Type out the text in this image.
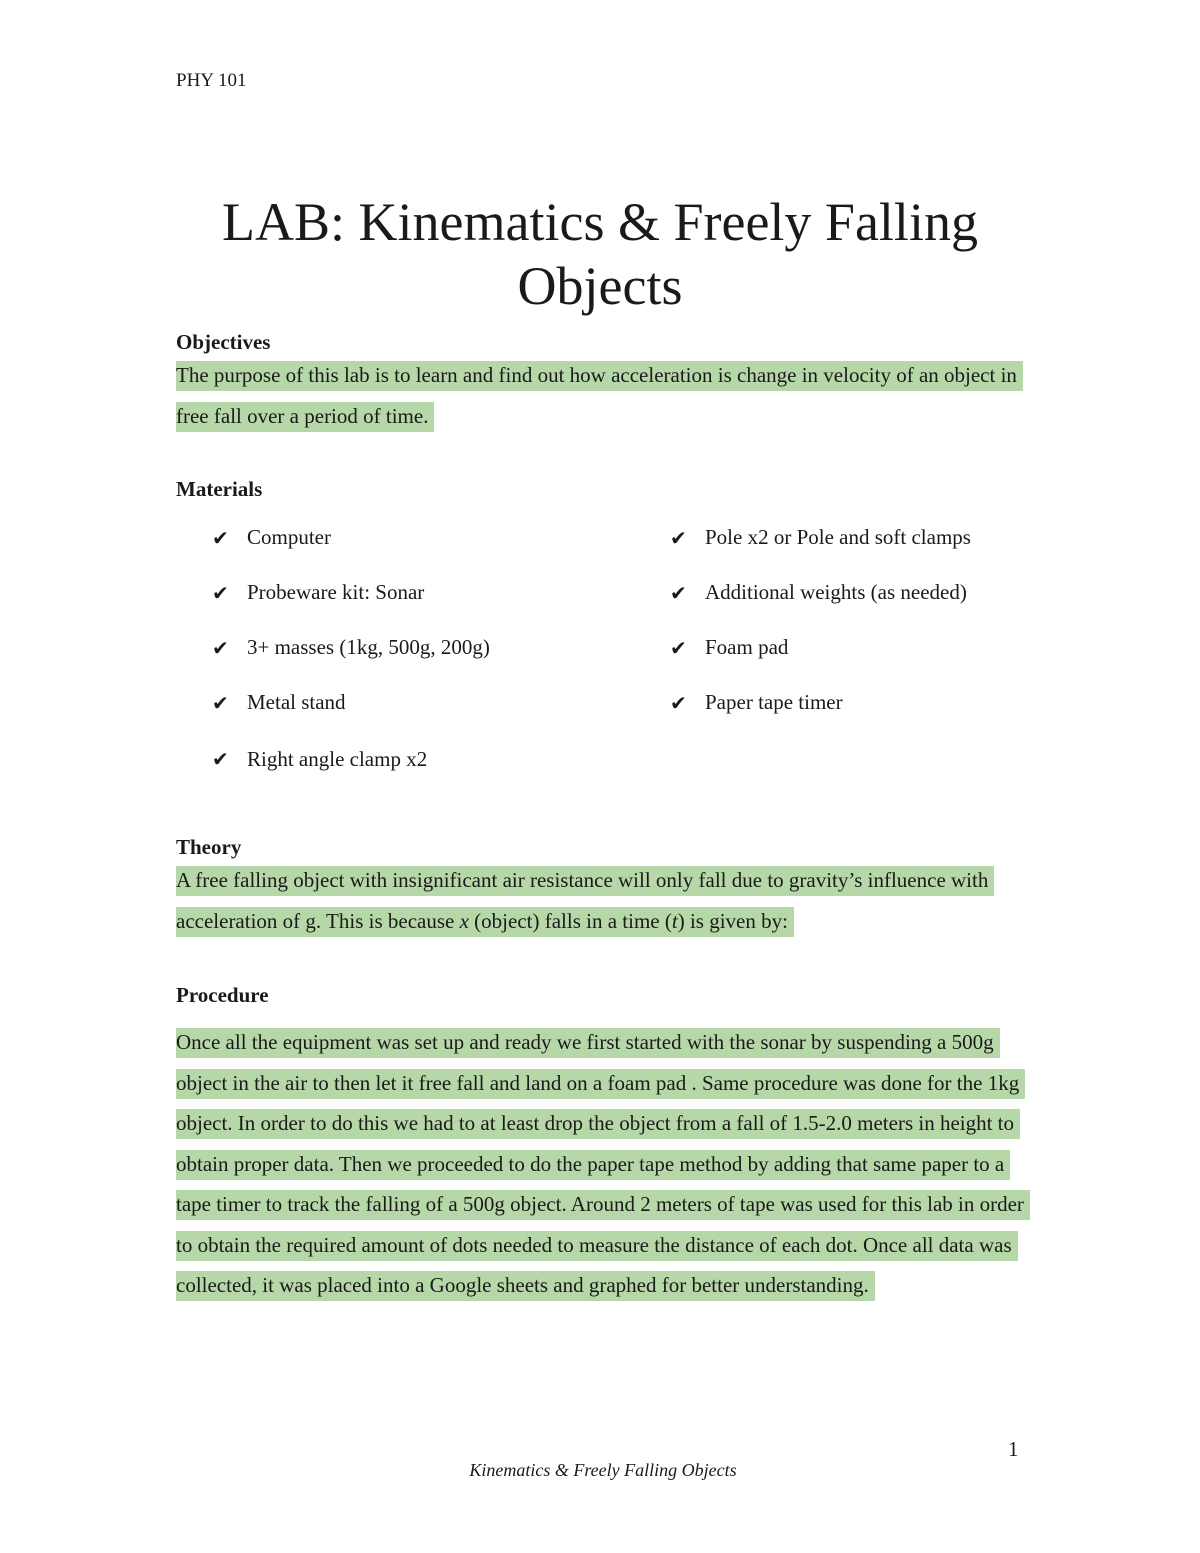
PHY 101
LAB: Kinematics & Freely Falling Objects
Objectives

The purpose of this lab is to learn and find out how acceleration is change in velocity of an object in free fall over a period of time.

Materials
✔ Computer	✔ Pole x2 or Pole and soft clamps
✔ Probeware kit: Sonar	✔ Additional weights (as needed)
✔ 3+ masses (1kg, 500g, 200g)	✔ Foam pad
✔ Metal stand	✔ Paper tape timer
✔ Right angle clamp x2
Theory

A free falling object with insignificant air resistance will only fall due to gravity’s influence with acceleration of g. This is because x (object) falls in a time (t) is given by:

Procedure

Once all the equipment was set up and ready we first started with the sonar by suspending a 500g object in the air to then let it free fall and land on a foam pad . Same procedure was done for the 1kg object. In order to do this we had to at least drop the object from a fall of 1.5-2.0 meters in height to obtain proper data. Then we proceeded to do the paper tape method by adding that same paper to a tape timer to track the falling of a 500g object. Around 2 meters of tape was used for this lab in order to obtain the required amount of dots needed to measure the distance of each dot. Once all data was collected, it was placed into a Google sheets and graphed for better understanding.

1
Kinematics & Freely Falling Objects
